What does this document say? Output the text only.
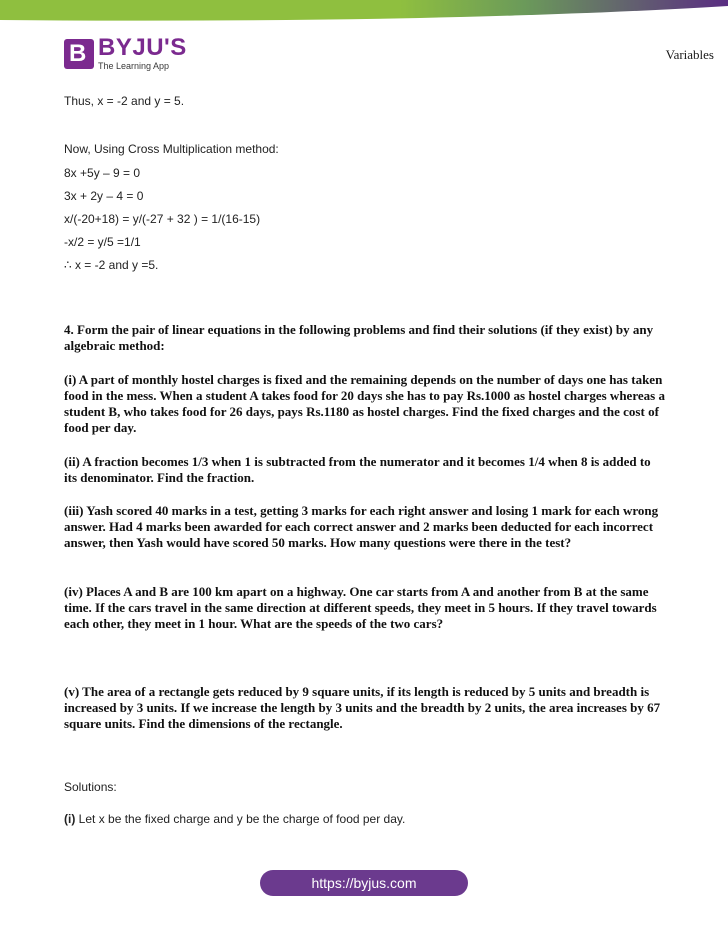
B BYJU'S
The Learning App
Variables
Thus, x = -2 and y = 5.
Now, Using Cross Multiplication method:
8x +5y – 9 = 0
3x + 2y – 4 = 0
x/(-20+18) = y/(-27 + 32 ) = 1/(16-15)
-x/2 = y/5 =1/1
∴ x = -2 and y =5.

4. Form the pair of linear equations in the following problems and find their solutions (if they exist) by any algebraic method:

(i) A part of monthly hostel charges is fixed and the remaining depends on the number of days one has taken food in the mess. When a student A takes food for 20 days she has to pay Rs.1000 as hostel charges whereas a student B, who takes food for 26 days, pays Rs.1180 as hostel charges. Find the fixed charges and the cost of food per day.

(ii) A fraction becomes 1/3 when 1 is subtracted from the numerator and it becomes 1/4 when 8 is added to its denominator. Find the fraction.

(iii) Yash scored 40 marks in a test, getting 3 marks for each right answer and losing 1 mark for each wrong answer. Had 4 marks been awarded for each correct answer and 2 marks been deducted for each incorrect answer, then Yash would have scored 50 marks. How many questions were there in the test?

(iv) Places A and B are 100 km apart on a highway. One car starts from A and another from B at the same time. If the cars travel in the same direction at different speeds, they meet in 5 hours. If they travel towards each other, they meet in 1 hour. What are the speeds of the two cars?

(v) The area of a rectangle gets reduced by 9 square units, if its length is reduced by 5 units and breadth is increased by 3 units. If we increase the length by 3 units and the breadth by 2 units, the area increases by 67 square units. Find the dimensions of the rectangle.

Solutions:
(i) Let x be the fixed charge and y be the charge of food per day.
https://byjus.com
